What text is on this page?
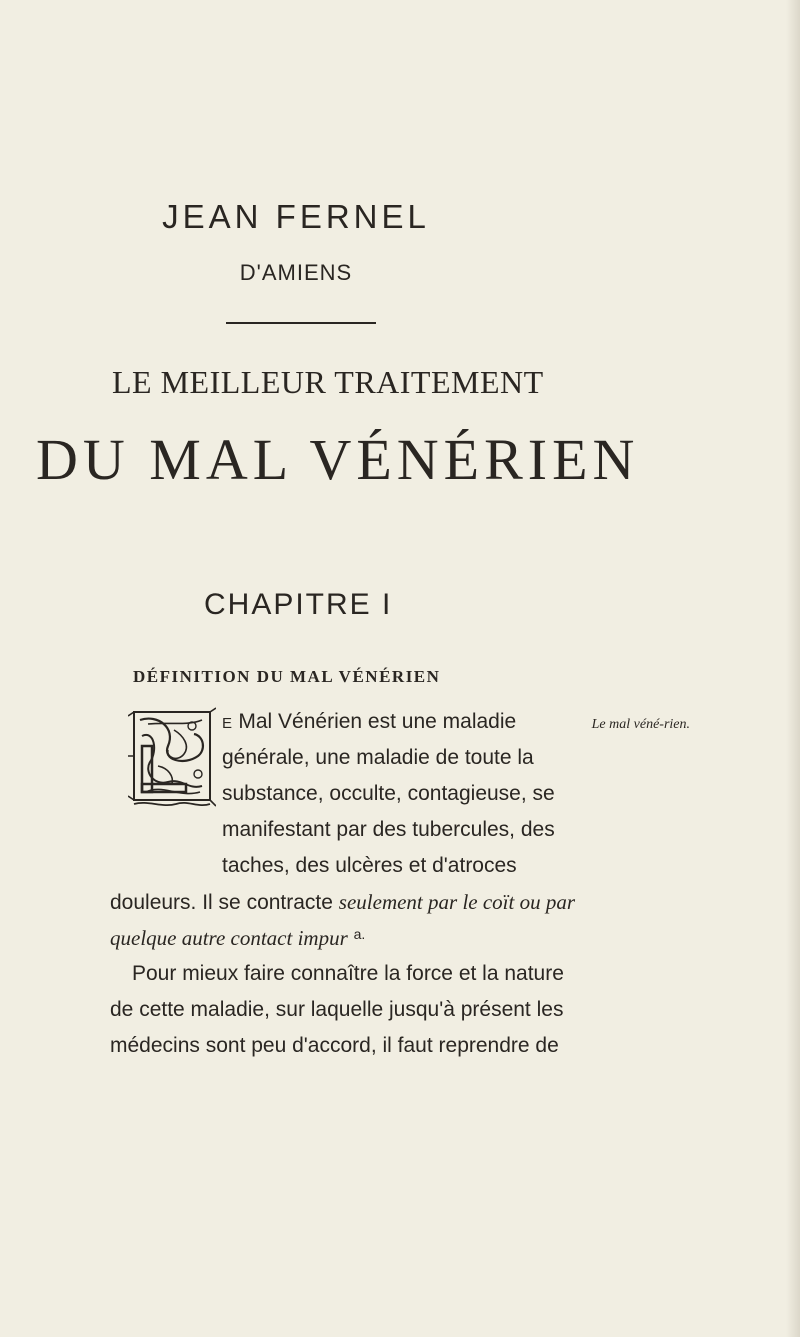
JEAN FERNEL
D'AMIENS
LE MEILLEUR TRAITEMENT
DU MAL VÉNÉRIEN
CHAPITRE I
DÉFINITION DU MAL VÉNÉRIEN
E Mal Vénérien est une maladie
générale, une maladie de toute la
substance, occulte, contagieuse, se
manifestant par des tubercules, des
taches, des ulcères et d'atroces
douleurs. Il se contracte seulement par le coït ou par
quelque autre contact impur $^{a.}$
Pour mieux faire connaître la force et la nature
de cette maladie, sur laquelle jusqu'à présent les
médecins sont peu d'accord, il faut reprendre de
Le mal véné-rien.
